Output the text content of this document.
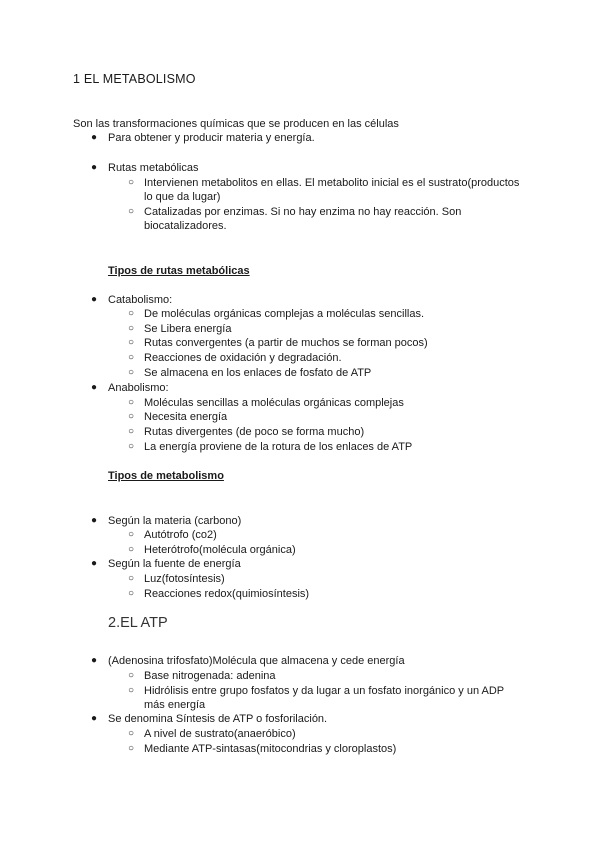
1 EL METABOLISMO
Son las transformaciones químicas que se producen en las células
● Para obtener y producir materia y energía.
● Rutas metabólicas
○ Intervienen metabolitos en ellas. El metabolito inicial es el sustrato(productos
lo que da lugar)
○ Catalizadas por enzimas. Si no hay enzima no hay reacción. Son
biocatalizadores.
Tipos de rutas metabólicas
● Catabolismo:
○ De moléculas orgánicas complejas a moléculas sencillas.
○ Se Libera energía
○ Rutas convergentes (a partir de muchos se forman pocos)
○ Reacciones de oxidación y degradación.
○ Se almacena en los enlaces de fosfato de ATP
● Anabolismo:
○ Moléculas sencillas a moléculas orgánicas complejas
○ Necesita energía
○ Rutas divergentes (de poco se forma mucho)
○ La energía proviene de la rotura de los enlaces de ATP
Tipos de metabolismo
● Según la materia (carbono)
○ Autótrofo (co2)
○ Heterótrofo(molécula orgánica)
● Según la fuente de energía
○ Luz(fotosíntesis)
○ Reacciones redox(quimiosíntesis)
2.EL ATP
● (Adenosina trifosfato)Molécula que almacena y cede energía
○ Base nitrogenada: adenina
○ Hidrólisis entre grupo fosfatos y da lugar a un fosfato inorgánico y un ADP
más energía
● Se denomina Síntesis de ATP o fosforilación.
○ A nivel de sustrato(anaeróbico)
○ Mediante ATP-sintasas(mitocondrias y cloroplastos)
